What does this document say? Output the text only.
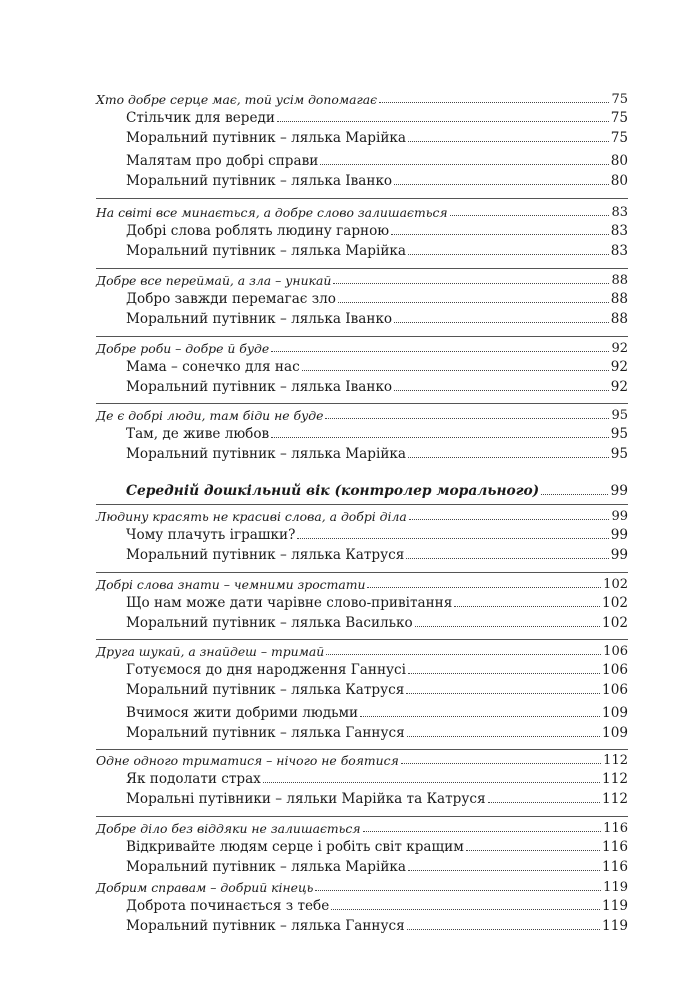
Хто добре серце має, той усім допомагає	75
Стільчик для вереди	75
Моральний путівник – лялька Марійка	75
Малятам про добрі справи	80
Моральний путівник – лялька Іванко	80
На світі все минається, а добре слово залишається	83
Добрі слова роблять людину гарною	83
Моральний путівник – лялька Марійка	83
Добре все переймай, а зла – уникай	88
Добро завжди перемагає зло	88
Моральний путівник – лялька Іванко	88
Добре роби – добре й буде	92
Мама – сонечко для нас	92
Моральний путівник – лялька Іванко	92
Де є добрі люди, там біди не буде	95
Там, де живе любов	95
Моральний путівник – лялька Марійка	95
Середній дошкільний вік (контролер морального)	99
Людину красять не красиві слова, а добрі діла	99
Чому плачуть іграшки?	99
Моральний путівник – лялька Катруся	99
Добрі слова знати – чемними зростати	102
Що нам може дати чарівне слово-привітання	102
Моральний путівник – лялька Василько	102
Друга шукай, а знайдеш – тримай	106
Готуємося до дня народження Ганнусі	106
Моральний путівник – лялька Катруся	106
Вчимося жити добрими людьми	109
Моральний путівник – лялька Ганнуся	109
Одне одного триматися – нічого не боятися	112
Як подолати страх	112
Моральні путівники – ляльки Марійка та Катруся	112
Добре діло без віддяки не залишається	116
Відкривайте людям серце і робіть світ кращим	116
Моральний путівник – лялька Марійка	116
Добрим справам – добрий кінець	119
Доброта починається з тебе	119
Моральний путівник – лялька Ганнуся	119
